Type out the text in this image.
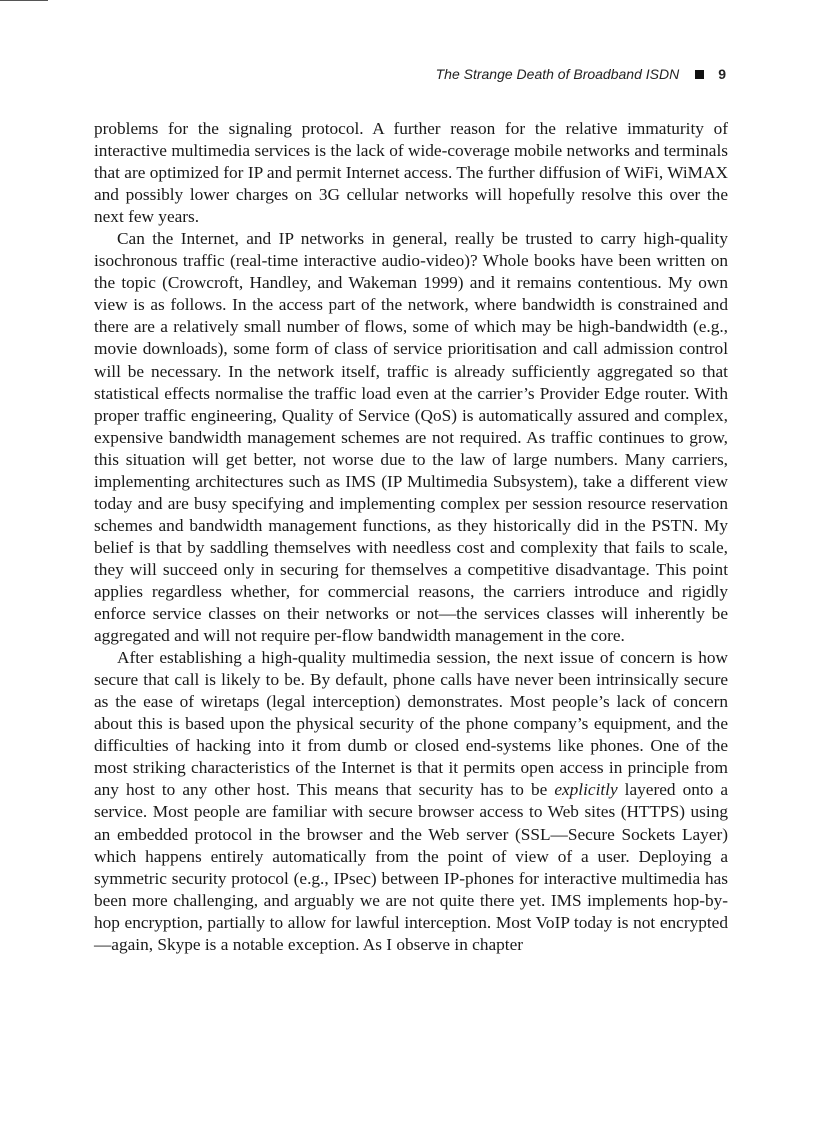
The Strange Death of Broadband ISDN	9

problems for the signaling protocol. A further reason for the relative immaturity of interactive multimedia services is the lack of wide-coverage mobile networks and terminals that are optimized for IP and permit Internet access. The further diffusion of WiFi, WiMAX and possibly lower charges on 3G cellular networks will hopefully resolve this over the next few years.

Can the Internet, and IP networks in general, really be trusted to carry high-quality isochronous traffic (real-time interactive audio-video)? Whole books have been written on the topic (Crowcroft, Handley, and Wakeman 1999) and it remains contentious. My own view is as follows. In the access part of the network, where bandwidth is constrained and there are a relatively small number of flows, some of which may be high-bandwidth (e.g., movie downloads), some form of class of service prioritisation and call admission control will be necessary. In the network itself, traffic is already sufficiently aggregated so that statistical effects normalise the traffic load even at the carrier’s Provider Edge router. With proper traffic engineering, Quality of Service (QoS) is automatically assured and complex, expensive bandwidth management schemes are not required. As traffic continues to grow, this situation will get better, not worse due to the law of large numbers. Many carriers, implementing architectures such as IMS (IP Multimedia Subsystem), take a different view today and are busy specifying and implementing complex per session resource reservation schemes and bandwidth management functions, as they historically did in the PSTN. My belief is that by saddling themselves with needless cost and complexity that fails to scale, they will succeed only in securing for themselves a competitive disadvantage. This point applies regardless whether, for commercial reasons, the carriers introduce and rigidly enforce service classes on their networks or not—the services classes will inherently be aggregated and will not require per-flow bandwidth management in the core.

After establishing a high-quality multimedia session, the next issue of concern is how secure that call is likely to be. By default, phone calls have never been intrinsically secure as the ease of wiretaps (legal interception) demonstrates. Most people’s lack of concern about this is based upon the physical security of the phone company’s equipment, and the difficulties of hacking into it from dumb or closed end-systems like phones. One of the most striking characteristics of the Internet is that it permits open access in principle from any host to any other host. This means that security has to be explicitly layered onto a service. Most people are familiar with secure browser access to Web sites (HTTPS) using an embedded protocol in the browser and the Web server (SSL—Secure Sockets Layer) which happens entirely automatically from the point of view of a user. Deploying a symmetric security protocol (e.g., IPsec) between IP-phones for interactive multimedia has been more challenging, and arguably we are not quite there yet. IMS implements hop-by-hop encryption, partially to allow for lawful interception. Most VoIP today is not encrypted—again, Skype is a notable exception. As I observe in chapter
